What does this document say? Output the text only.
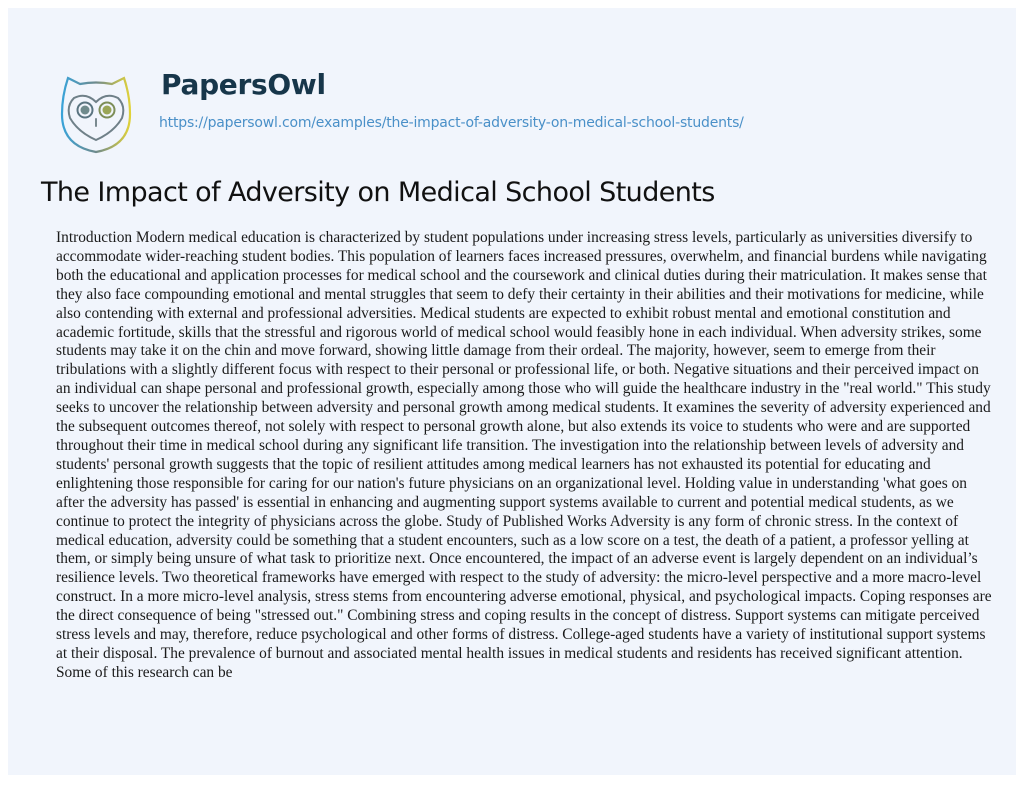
PapersOwl
https://papersowl.com/examples/the-impact-of-adversity-on-medical-school-students/
The Impact of Adversity on Medical School Students

Introduction Modern medical education is characterized by student populations under increasing stress levels, particularly as universities diversify to accommodate wider-reaching student bodies. This population of learners faces increased pressures, overwhelm, and financial burdens while navigating both the educational and application processes for medical school and the coursework and clinical duties during their matriculation. It makes sense that they also face compounding emotional and mental struggles that seem to defy their certainty in their abilities and their motivations for medicine, while also contending with external and professional adversities. Medical students are expected to exhibit robust mental and emotional constitution and academic fortitude, skills that the stressful and rigorous world of medical school would feasibly hone in each individual. When adversity strikes, some students may take it on the chin and move forward, showing little damage from their ordeal. The majority, however, seem to emerge from their tribulations with a slightly different focus with respect to their personal or professional life, or both. Negative situations and their perceived impact on an individual can shape personal and professional growth, especially among those who will guide the healthcare industry in the "real world." This study seeks to uncover the relationship between adversity and personal growth among medical students. It examines the severity of adversity experienced and the subsequent outcomes thereof, not solely with respect to personal growth alone, but also extends its voice to students who were and are supported throughout their time in medical school during any significant life transition. The investigation into the relationship between levels of adversity and students' personal growth suggests that the topic of resilient attitudes among medical learners has not exhausted its potential for educating and enlightening those responsible for caring for our nation's future physicians on an organizational level. Holding value in understanding 'what goes on after the adversity has passed' is essential in enhancing and augmenting support systems available to current and potential medical students, as we continue to protect the integrity of physicians across the globe. Study of Published Works Adversity is any form of chronic stress. In the context of medical education, adversity could be something that a student encounters, such as a low score on a test, the death of a patient, a professor yelling at them, or simply being unsure of what task to prioritize next. Once encountered, the impact of an adverse event is largely dependent on an individual’s resilience levels. Two theoretical frameworks have emerged with respect to the study of adversity: the micro-level perspective and a more macro-level construct. In a more micro-level analysis, stress stems from encountering adverse emotional, physical, and psychological impacts. Coping responses are the direct consequence of being "stressed out." Combining stress and coping results in the concept of distress. Support systems can mitigate perceived stress levels and may, therefore, reduce psychological and other forms of distress. College-aged students have a variety of institutional support systems at their disposal. The prevalence of burnout and associated mental health issues in medical students and residents has received significant attention. Some of this research can be
